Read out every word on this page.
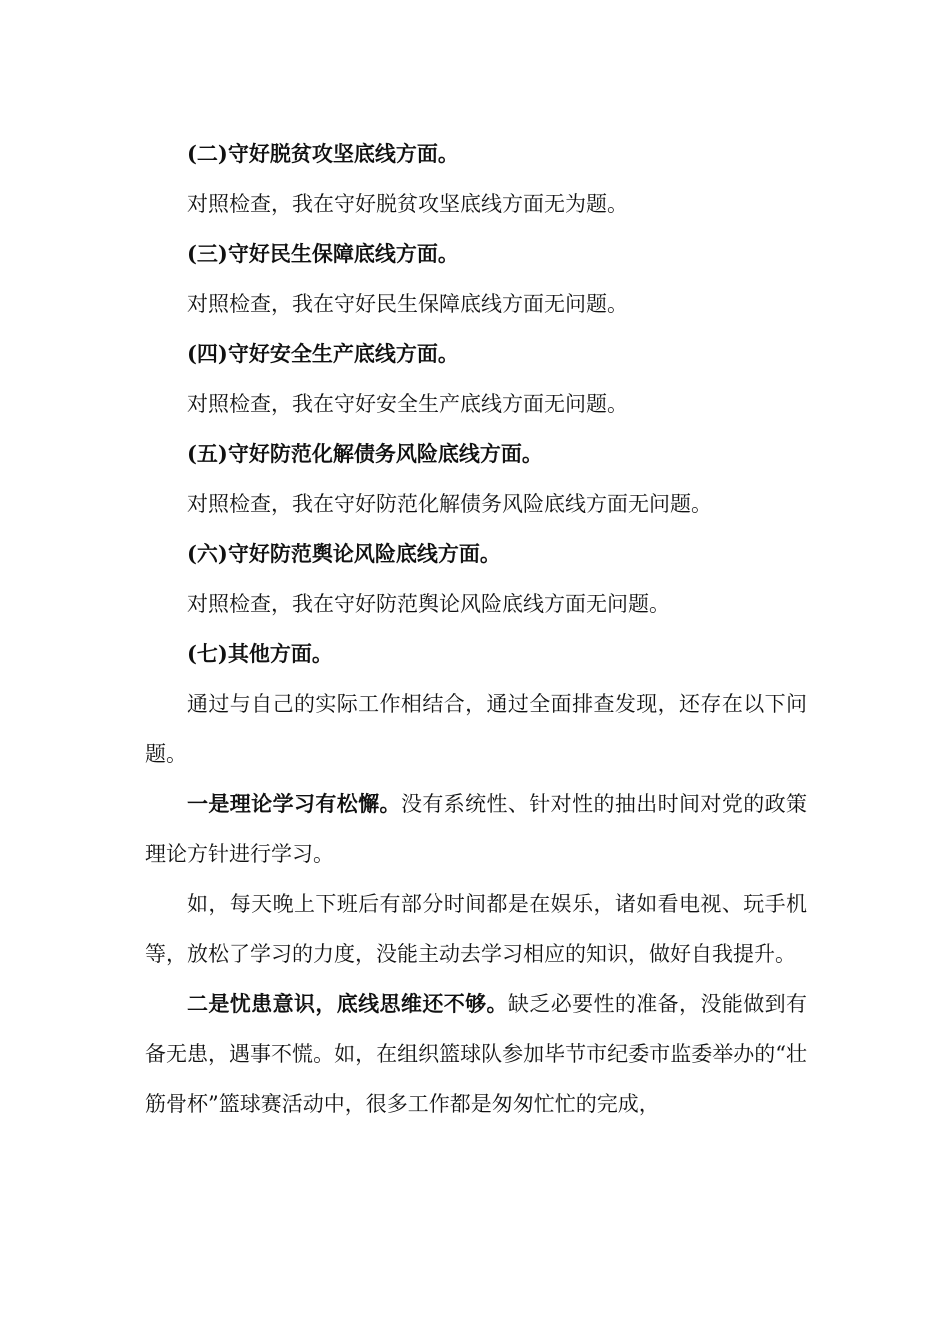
(二)守好脱贫攻坚底线方面。

对照检查，我在守好脱贫攻坚底线方面无为题。

(三)守好民生保障底线方面。

对照检查，我在守好民生保障底线方面无问题。

(四)守好安全生产底线方面。

对照检查，我在守好安全生产底线方面无问题。

(五)守好防范化解债务风险底线方面。

对照检查，我在守好防范化解债务风险底线方面无问题。

(六)守好防范舆论风险底线方面。

对照检查，我在守好防范舆论风险底线方面无问题。

(七)其他方面。

通过与自己的实际工作相结合，通过全面排查发现，还存在以下问题。

一是理论学习有松懈。没有系统性、针对性的抽出时间对党的政策理论方针进行学习。

如，每天晚上下班后有部分时间都是在娱乐，诸如看电视、玩手机等，放松了学习的力度，没能主动去学习相应的知识，做好自我提升。

二是忧患意识，底线思维还不够。缺乏必要性的准备，没能做到有备无患，遇事不慌。如，在组织篮球队参加毕节市纪委市监委举办的“壮筋骨杯”篮球赛活动中，很多工作都是匆匆忙忙的完成，
